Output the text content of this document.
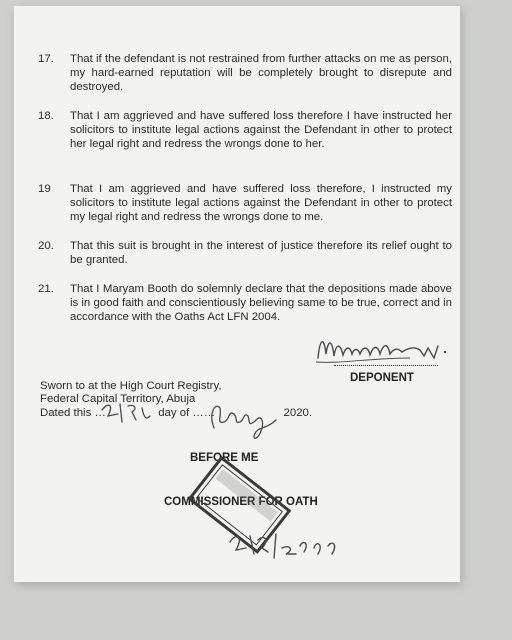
17. That if the defendant is not restrained from further attacks on me as person, my hard-earned reputation will be completely brought to disrepute and destroyed.
18. That I am aggrieved and have suffered loss therefore I have instructed her solicitors to institute legal actions against the Defendant in other to protect her legal right and redress the wrongs done to her.
19 That I am aggrieved and have suffered loss therefore, I instructed my solicitors to institute legal actions against the Defendant in other to protect my legal right and redress the wrongs done to me.
20. That this suit is brought in the interest of justice therefore its relief ought to be granted.
21. That I Maryam Booth do solemnly declare that the depositions made above is in good faith and conscientiously believing same to be true, correct and in accordance with the Oaths Act LFN 2004.
DEPONENT
Sworn to at the High Court Registry,
Federal Capital Territory, Abuja
Dated this …	day of ……	2020.
BEFORE ME
COMMISSIONER FOR OATH
